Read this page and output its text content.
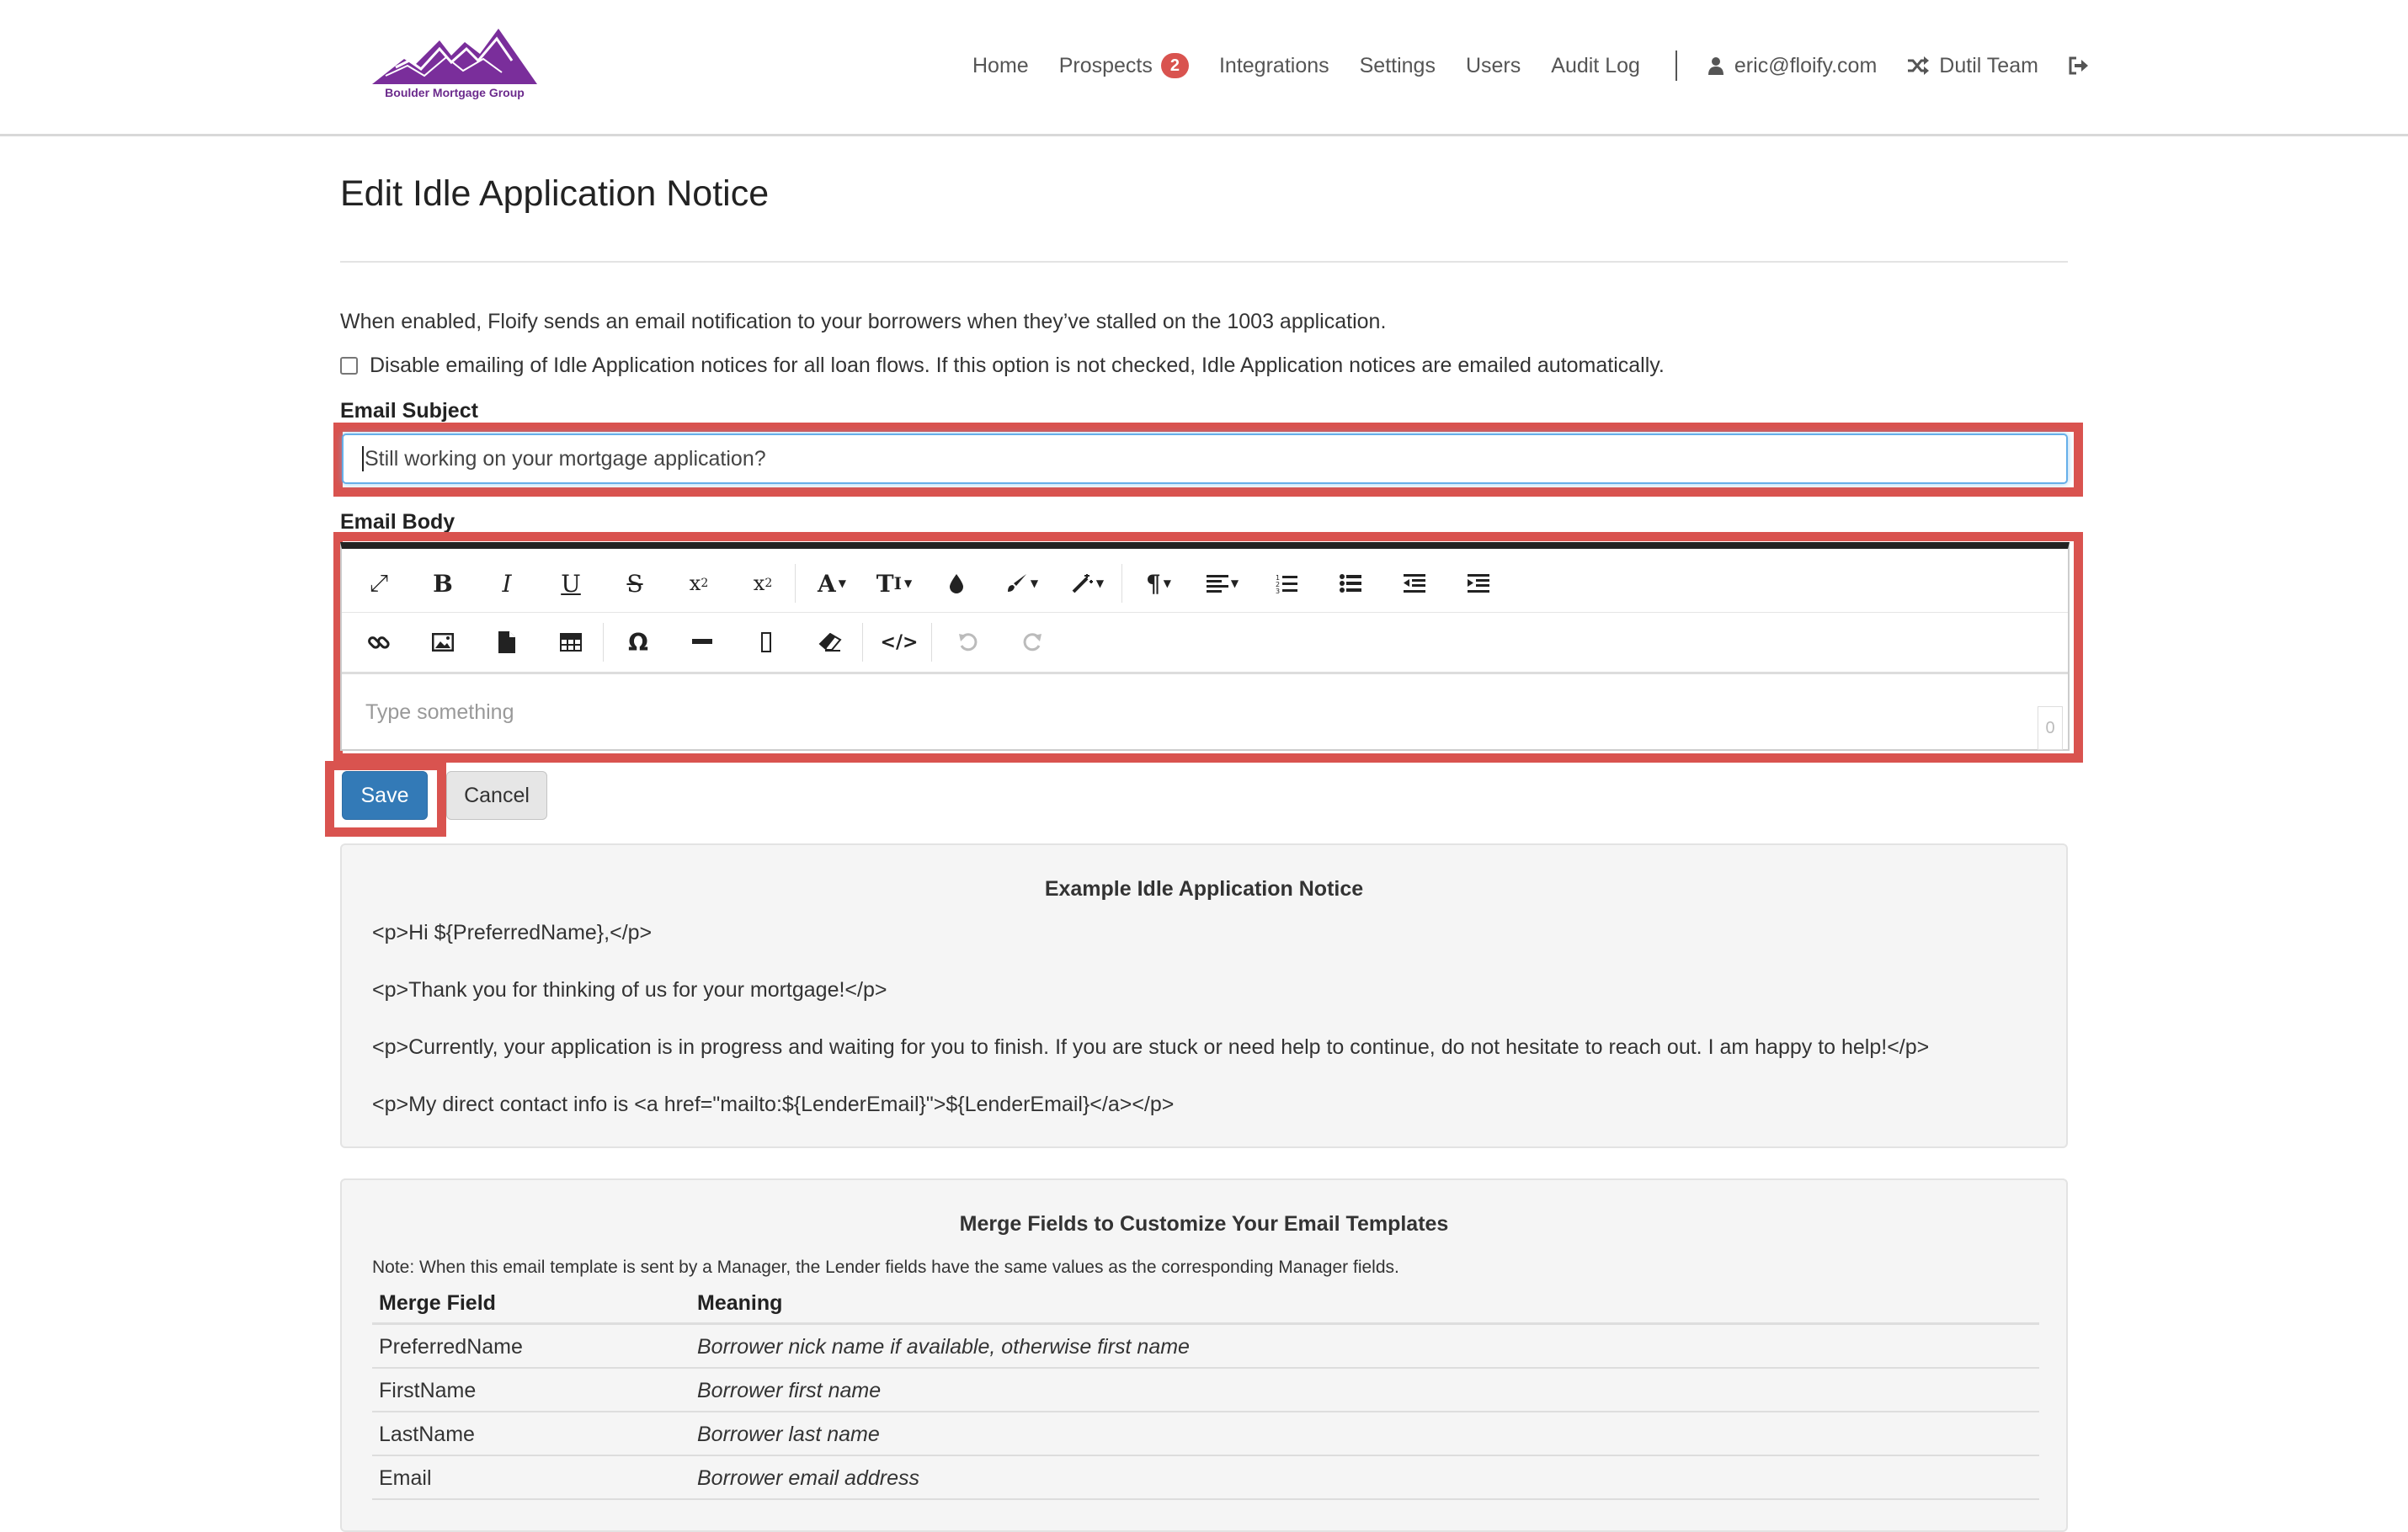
Boulder Mortgage Group
Home Prospects	2	Integrations Settings Users Audit Log	eric@floify.com	Dutil Team
Edit Idle Application Notice
When enabled, Floify sends an email notification to your borrowers when they’ve stalled on the 1003 application.
Disable emailing of Idle Application notices for all loan flows. If this option is not checked, Idle Application notices are emailed automatically.
Email Subject
Still working on your mortgage application?
Email Body
⤢	B	I	U	S	x 2	x 2	A ▼	T I ▼	▼	▼	¶ ▼	▼	1
2
3
Ω	</>
Type something
0
Save	Cancel
Example Idle Application Notice
<p>Hi ${PreferredName},</p>
<p>Thank you for thinking of us for your mortgage!</p>
<p>Currently, your application is in progress and waiting for you to finish. If you are stuck or need help to continue, do not hesitate to reach out. I am happy to help!</p>
<p>My direct contact info is <a href="mailto:${LenderEmail}">${LenderEmail}</a></p>
Merge Fields to Customize Your Email Templates
Note: When this email template is sent by a Manager, the Lender fields have the same values as the corresponding Manager fields.
Merge Field	Meaning
PreferredName	Borrower nick name if available, otherwise first name
FirstName	Borrower first name
LastName	Borrower last name
Email	Borrower email address
